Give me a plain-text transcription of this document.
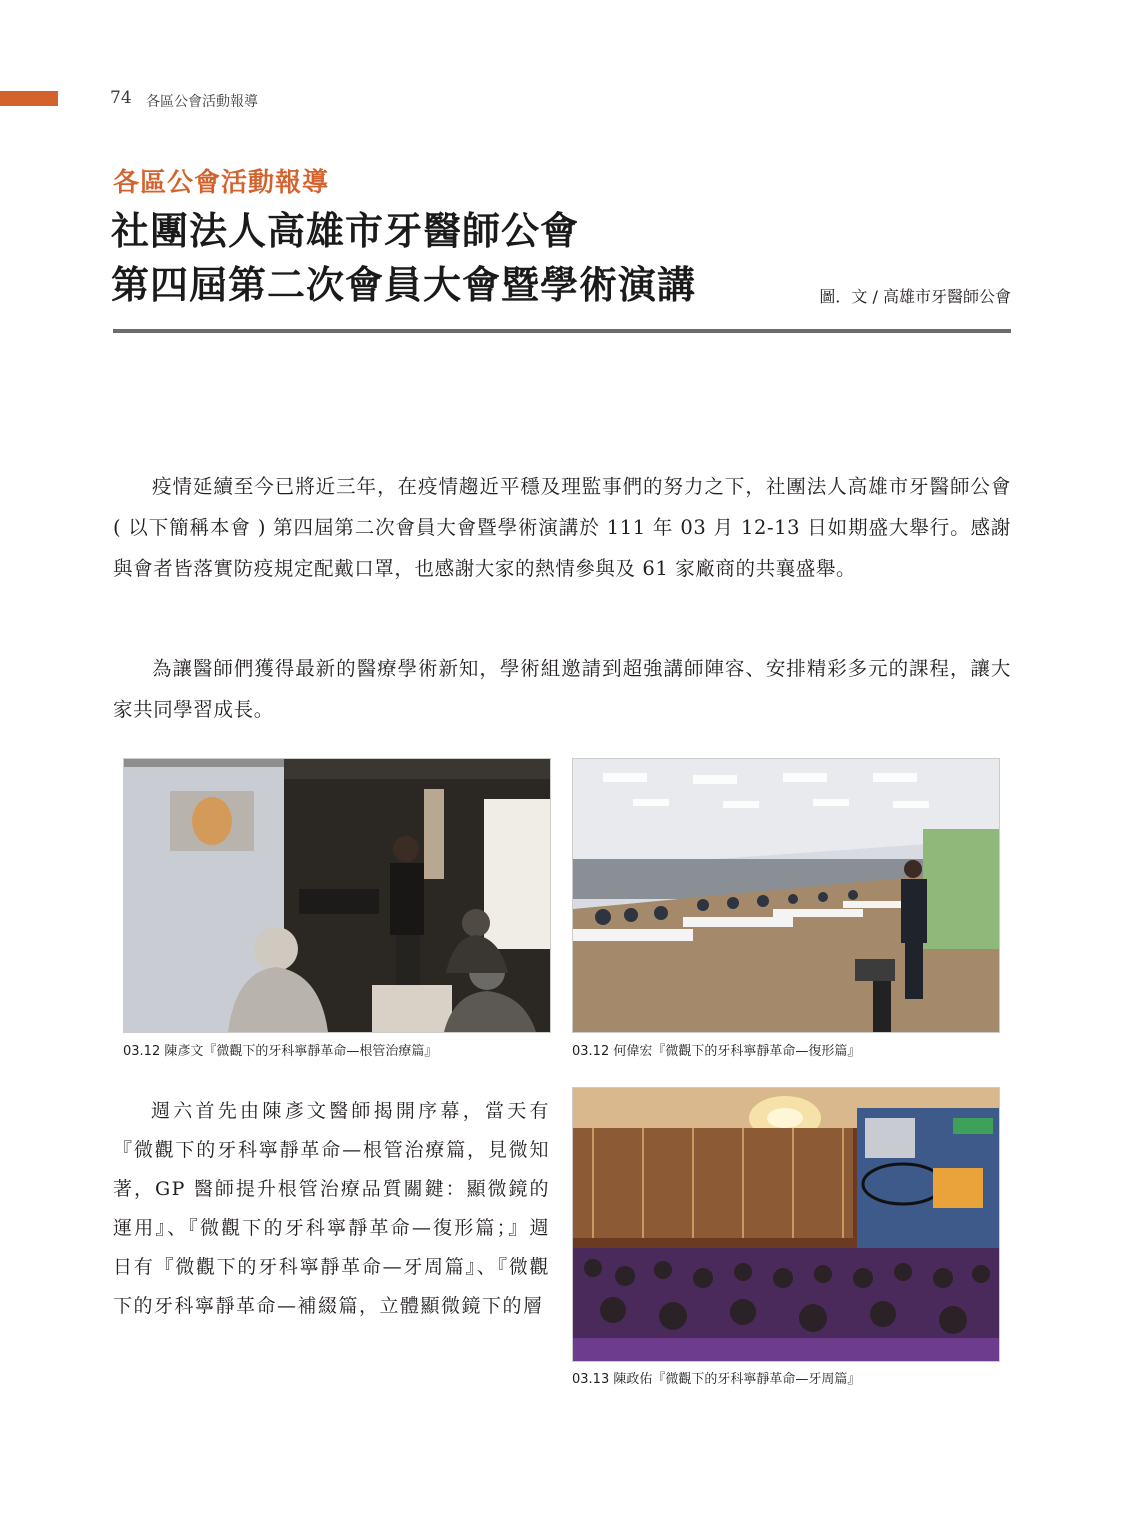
74 各區公會活動報導
各區公會活動報導
社團法人高雄市牙醫師公會
第四屆第二次會員大會暨學術演講	圖．文 / 高雄市牙醫師公會

疫情延續至今已將近三年，在疫情趨近平穩及理監事們的努力之下，社團法人高雄市牙醫師公會 ( 以下簡稱本會 ) 第四屆第二次會員大會暨學術演講於 111 年 03 月 12-13 日如期盛大舉行。感謝與會者皆落實防疫規定配戴口罩，也感謝大家的熱情參與及 61 家廠商的共襄盛舉。

為讓醫師們獲得最新的醫療學術新知，學術組邀請到超強講師陣容、安排精彩多元的課程，讓大家共同學習成長。

03.12 陳彥文『微觀下的牙科寧靜革命—根管治療篇』	03.12 何偉宏『微觀下的牙科寧靜革命—復形篇』

週六首先由陳彥文醫師揭開序幕，當天有『微觀下的牙科寧靜革命—根管治療篇，見微知著，GP 醫師提升根管治療品質關鍵：顯微鏡的運用』、『微觀下的牙科寧靜革命—復形篇；』週日有『微觀下的牙科寧靜革命—牙周篇』、『微觀下的牙科寧靜革命—補綴篇，立體顯微鏡下的層

03.13 陳政佑『微觀下的牙科寧靜革命—牙周篇』
